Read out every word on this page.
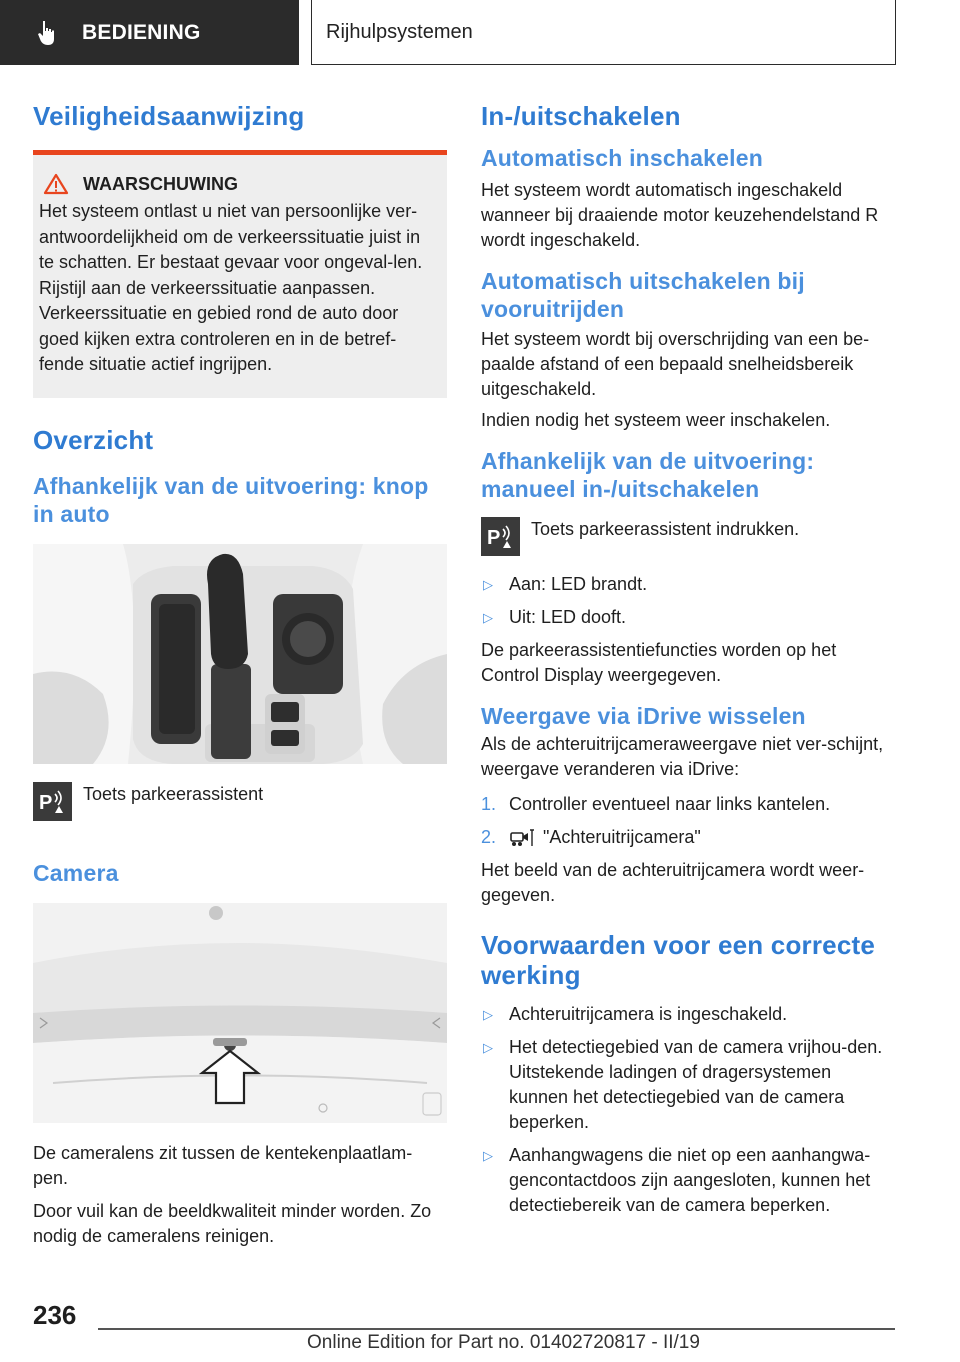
BEDIENING	Rijhulpsystemen
Veiligheidsaanwijzing
WAARSCHUWING

Het systeem ontlast u niet van persoonlijke ver-antwoordelijkheid om de verkeerssituatie juist in te schatten. Er bestaat gevaar voor ongeval-len. Rijstijl aan de verkeerssituatie aanpassen. Verkeerssituatie en gebied rond de auto door goed kijken extra controleren en in de betref-fende situatie actief ingrijpen.

Overzicht
Afhankelijk van de uitvoering: knop in auto
P Toets parkeerassistent
Camera

De cameralens zit tussen de kentekenplaatlam-pen.

Door vuil kan de beeldkwaliteit minder worden. Zo nodig de cameralens reinigen.

In-/uitschakelen
Automatisch inschakelen

Het systeem wordt automatisch ingeschakeld wanneer bij draaiende motor keuzehendelstand R wordt ingeschakeld.

Automatisch uitschakelen bij vooruitrijden

Het systeem wordt bij overschrijding van een be-paalde afstand of een bepaald snelheidsbereik uitgeschakeld.

Indien nodig het systeem weer inschakelen.

Afhankelijk van de uitvoering: manueel in-/uitschakelen
P Toets parkeerassistent indrukken.
▷ Aan: LED brandt.
▷ Uit: LED dooft.

De parkeerassistentiefuncties worden op het Control Display weergegeven.

Weergave via iDrive wisselen

Als de achteruitrijcameraweergave niet ver-schijnt, weergave veranderen via iDrive:

1. Controller eventueel naar links kantelen.
2.	"Achteruitrijcamera"

Het beeld van de achteruitrijcamera wordt weer-gegeven.

Voorwaarden voor een correcte werking
▷ Achteruitrijcamera is ingeschakeld.
▷ Het detectiegebied van de camera vrijhou-den. Uitstekende ladingen of dragersystemen kunnen het detectiegebied van de camera beperken.
▷ Aanhangwagens die niet op een aanhangwa-gencontactdoos zijn aangesloten, kunnen het detectiebereik van de camera beperken.
236
Online Edition for Part no. 01402720817 - II/19
